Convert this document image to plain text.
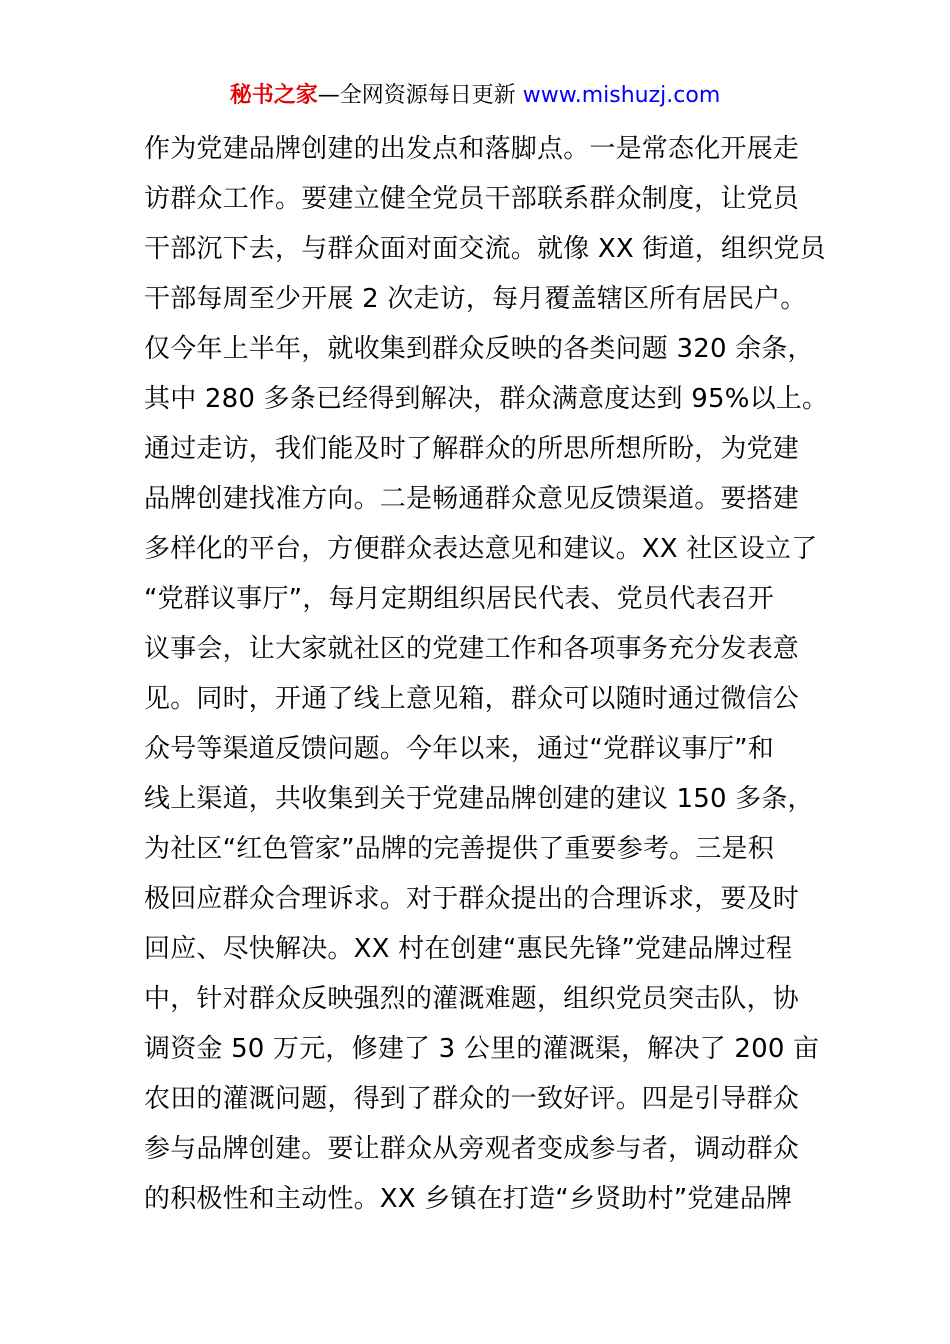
秘书之家—全网资源每日更新 www.mishuzj.com
作为党建品牌创建的出发点和落脚点。一是常态化开展走
访群众工作。要建立健全党员干部联系群众制度，让党员
干部沉下去，与群众面对面交流。就像 XX 街道，组织党员
干部每周至少开展 2 次走访，每月覆盖辖区所有居民户。
仅今年上半年，就收集到群众反映的各类问题 320 余条，
其中 280 多条已经得到解决，群众满意度达到 95%以上。
通过走访，我们能及时了解群众的所思所想所盼，为党建
品牌创建找准方向。二是畅通群众意见反馈渠道。要搭建
多样化的平台，方便群众表达意见和建议。XX 社区设立了
“党群议事厅”，每月定期组织居民代表、党员代表召开
议事会，让大家就社区的党建工作和各项事务充分发表意
见。同时，开通了线上意见箱，群众可以随时通过微信公
众号等渠道反馈问题。今年以来，通过“党群议事厅”和
线上渠道，共收集到关于党建品牌创建的建议 150 多条，
为社区“红色管家”品牌的完善提供了重要参考。三是积
极回应群众合理诉求。对于群众提出的合理诉求，要及时
回应、尽快解决。XX 村在创建“惠民先锋”党建品牌过程
中，针对群众反映强烈的灌溉难题，组织党员突击队，协
调资金 50 万元，修建了 3 公里的灌溉渠，解决了 200 亩
农田的灌溉问题，得到了群众的一致好评。四是引导群众
参与品牌创建。要让群众从旁观者变成参与者，调动群众
的积极性和主动性。XX 乡镇在打造“乡贤助村”党建品牌
